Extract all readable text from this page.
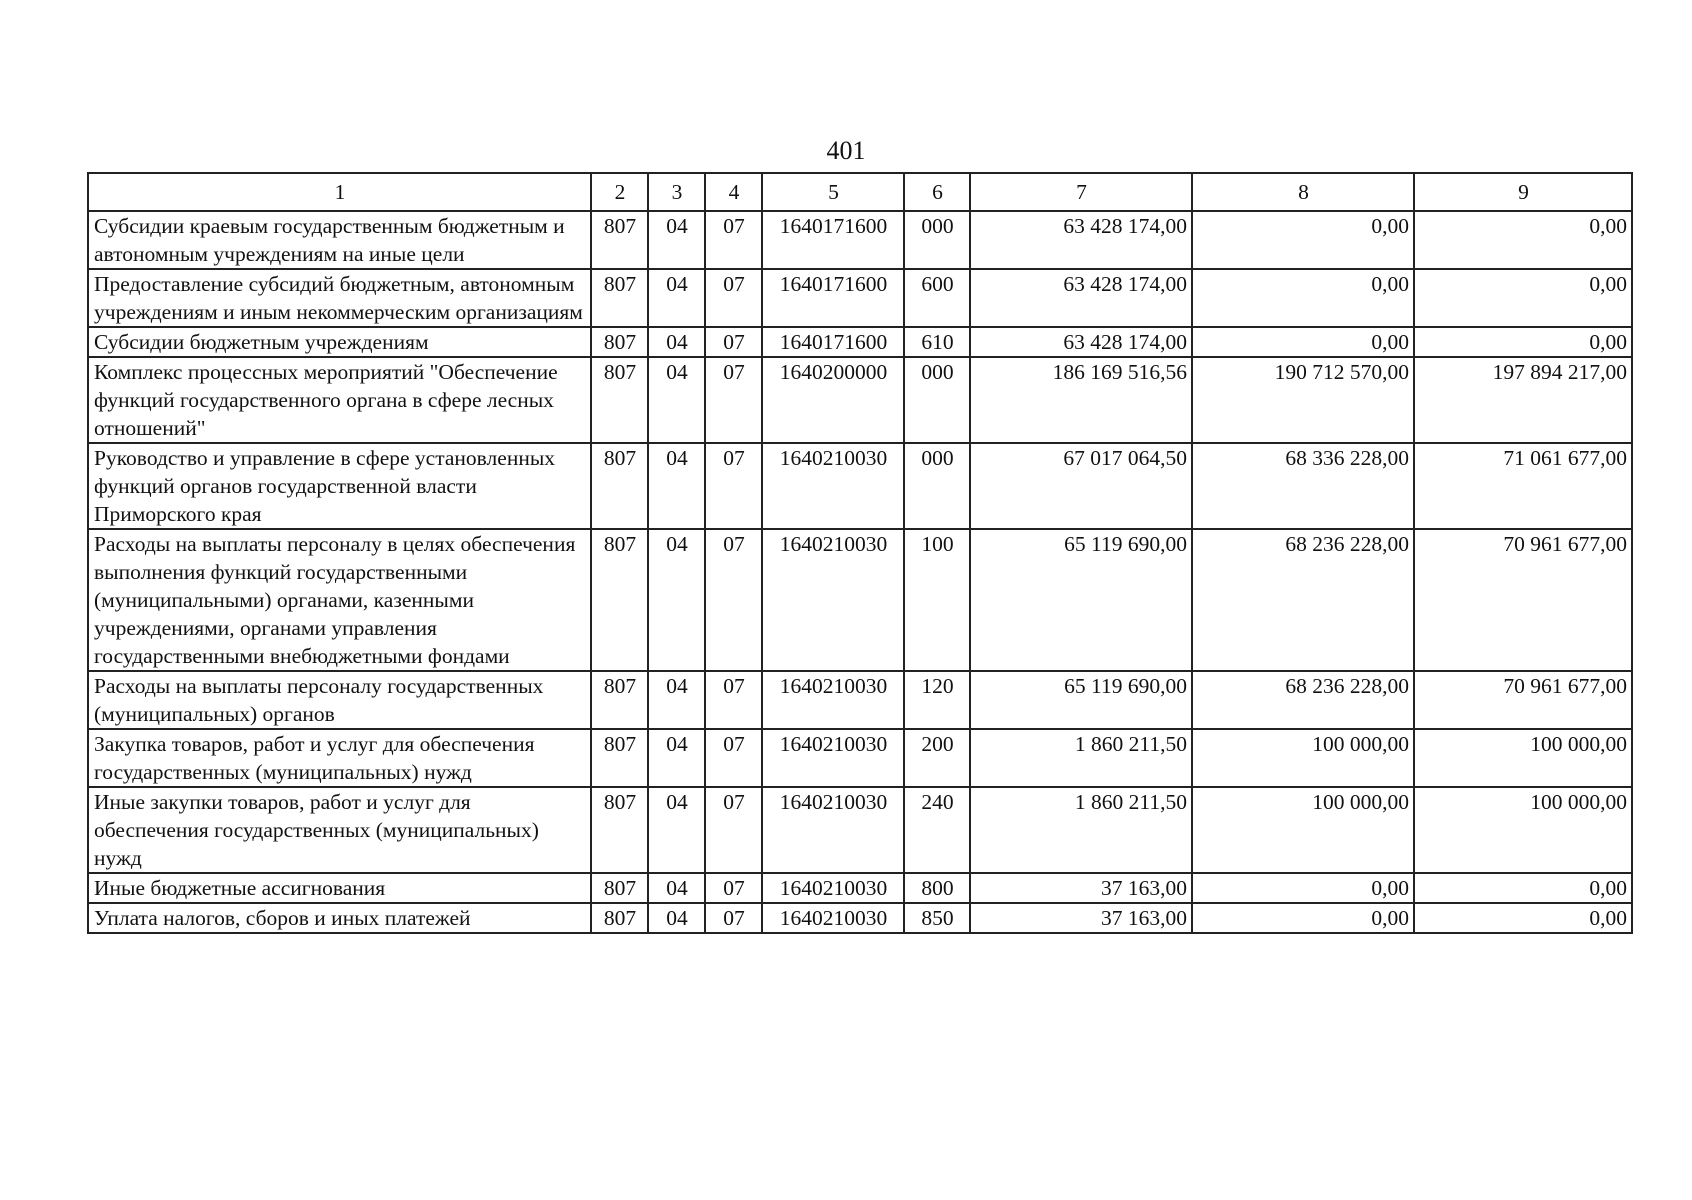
401
1	2	3	4	5	6	7	8	9
Субсидии краевым государственным бюджетным и автономным учреждениям на иные цели	807	04	07	1640171600	000	63 428 174,00	0,00	0,00
Предоставление субсидий бюджетным, автономным учреждениям и иным некоммерческим организациям	807	04	07	1640171600	600	63 428 174,00	0,00	0,00
Субсидии бюджетным учреждениям	807	04	07	1640171600	610	63 428 174,00	0,00	0,00
Комплекс процессных мероприятий "Обеспечение функций государственного органа в сфере лесных отношений"	807	04	07	1640200000	000	186 169 516,56	190 712 570,00	197 894 217,00
Руководство и управление в сфере установленных функций органов государственной власти Приморского края	807	04	07	1640210030	000	67 017 064,50	68 336 228,00	71 061 677,00
Расходы на выплаты персоналу в целях обеспечения выполнения функций государственными (муниципальными) органами, казенными учреждениями, органами управления государственными внебюджетными фондами	807	04	07	1640210030	100	65 119 690,00	68 236 228,00	70 961 677,00
Расходы на выплаты персоналу государственных (муниципальных) органов	807	04	07	1640210030	120	65 119 690,00	68 236 228,00	70 961 677,00
Закупка товаров, работ и услуг для обеспечения государственных (муниципальных) нужд	807	04	07	1640210030	200	1 860 211,50	100 000,00	100 000,00
Иные закупки товаров, работ и услуг для обеспечения государственных (муниципальных) нужд	807	04	07	1640210030	240	1 860 211,50	100 000,00	100 000,00
Иные бюджетные ассигнования	807	04	07	1640210030	800	37 163,00	0,00	0,00
Уплата налогов, сборов и иных платежей	807	04	07	1640210030	850	37 163,00	0,00	0,00
